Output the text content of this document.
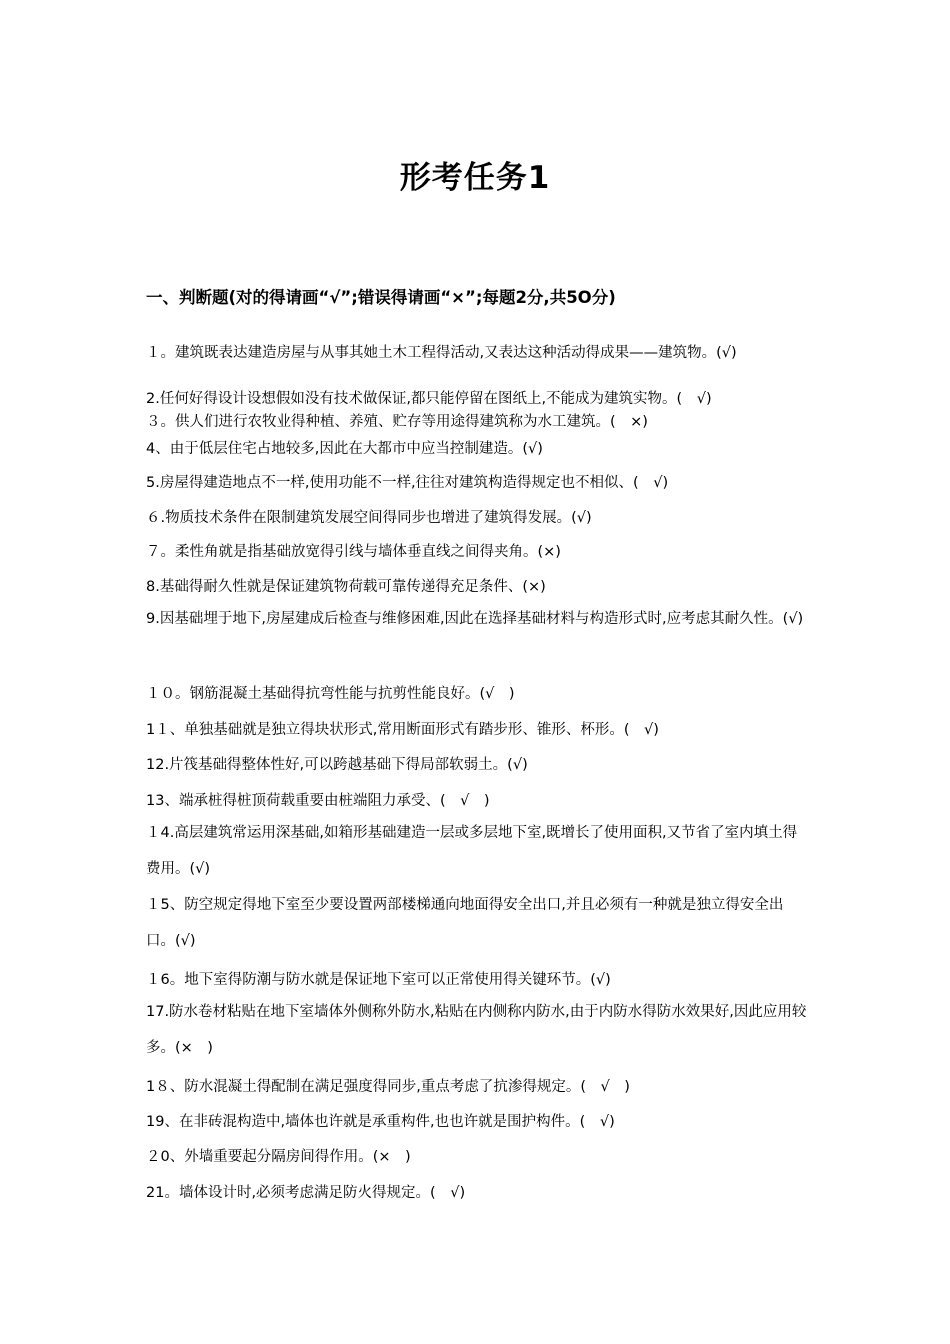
形考任务1
一、判断题(对的得请画“√”;错误得请画“×”;每题2分,共5O分)
１。建筑既表达建造房屋与从事其她土木工程得活动,又表达这种活动得成果——建筑物。(√)
2.任何好得设计设想假如没有技术做保证,都只能停留在图纸上,不能成为建筑实物。(　√)
３。供人们进行农牧业得种植、养殖、贮存等用途得建筑称为水工建筑。(　×)
4、由于低层住宅占地较多,因此在大都市中应当控制建造。(√)
5.房屋得建造地点不一样,使用功能不一样,往往对建筑构造得规定也不相似、(　√)
６.物质技术条件在限制建筑发展空间得同步也增进了建筑得发展。(√)
７。柔性角就是指基础放宽得引线与墙体垂直线之间得夹角。(×)
8.基础得耐久性就是保证建筑物荷载可靠传递得充足条件、(×)
9.因基础埋于地下,房屋建成后检查与维修困难,因此在选择基础材料与构造形式时,应考虑其耐久性。(√)
１０。钢筋混凝土基础得抗弯性能与抗剪性能良好。(√　)
1１、单独基础就是独立得块状形式,常用断面形式有踏步形、锥形、杯形。(　√)
12.片筏基础得整体性好,可以跨越基础下得局部软弱土。(√)
13、端承桩得桩顶荷载重要由桩端阻力承受、(　√　)
１4.高层建筑常运用深基础,如箱形基础建造一层或多层地下室,既增长了使用面积,又节省了室内填土得费用。(√)
１5、防空规定得地下室至少要设置两部楼梯通向地面得安全出口,并且必须有一种就是独立得安全出口。(√)
１6。地下室得防潮与防水就是保证地下室可以正常使用得关键环节。(√)
17.防水卷材粘贴在地下室墙体外侧称外防水,粘贴在内侧称内防水,由于内防水得防水效果好,因此应用较多。(×　)
1８、防水混凝土得配制在满足强度得同步,重点考虑了抗渗得规定。(　√　)
19、在非砖混构造中,墙体也许就是承重构件,也也许就是围护构件。(　√)
２0、外墙重要起分隔房间得作用。(×　)
21。墙体设计时,必须考虑满足防火得规定。(　√)
